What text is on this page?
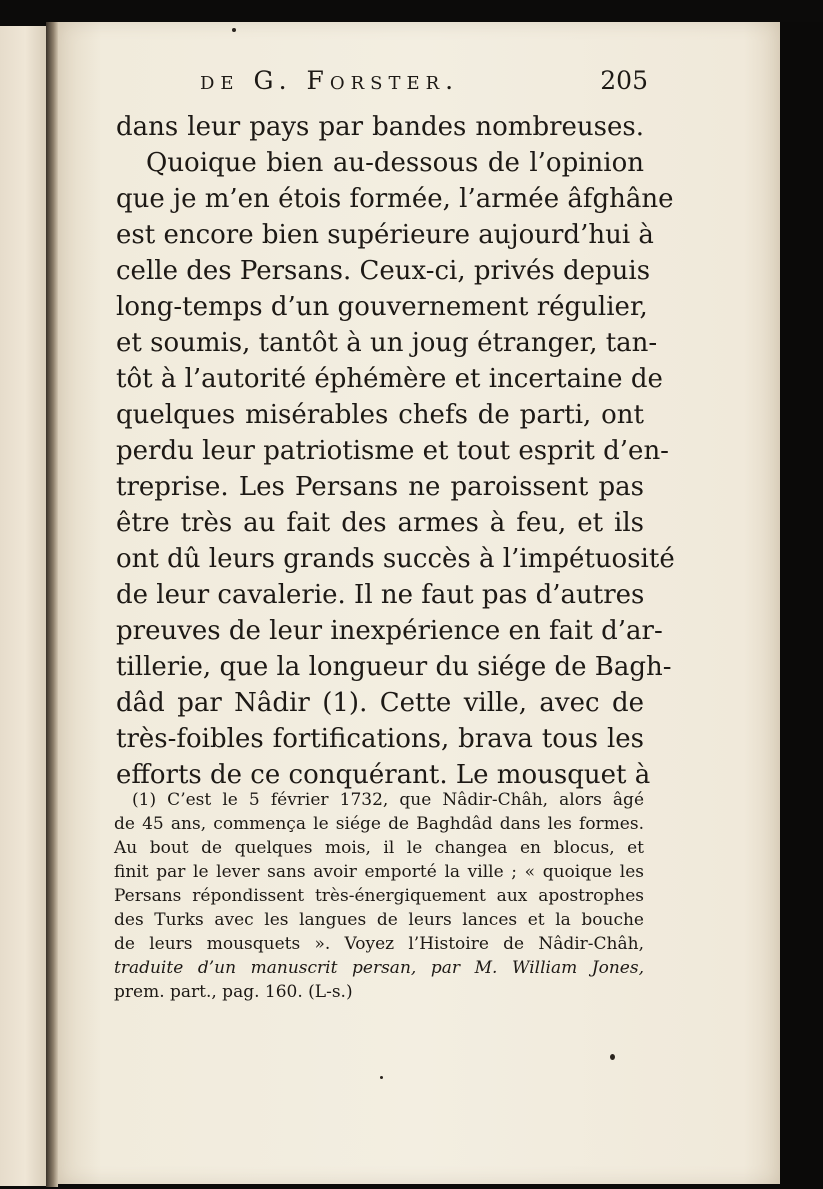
de G. Forster.	205
dans leur pays par bandes nombreuses.
Quoique bien au-dessous de l’opinion
que je m’en étois formée, l’armée âfghâne
est encore bien supérieure aujourd’hui à
celle des Persans. Ceux-ci, privés depuis
long-temps d’un gouvernement régulier,
et soumis, tantôt à un joug étranger, tan-
tôt à l’autorité éphémère et incertaine de
quelques misérables chefs de parti, ont
perdu leur patriotisme et tout esprit d’en-
treprise. Les Persans ne paroissent pas
être très au fait des armes à feu, et ils
ont dû leurs grands succès à l’impétuosité
de leur cavalerie. Il ne faut pas d’autres
preuves de leur inexpérience en fait d’ar-
tillerie, que la longueur du siége de Bagh-
dâd par Nâdir (1). Cette ville, avec de
très-foibles fortifications, brava tous les
efforts de ce conquérant. Le mousquet à
(1) C’est le 5 février 1732, que Nâdir-Châh, alors âgé
de 45 ans, commença le siége de Baghdâd dans les formes.
Au bout de quelques mois, il le changea en blocus, et
finit par le lever sans avoir emporté la ville ; « quoique les
Persans répondissent très-énergiquement aux apostrophes
des Turks avec les langues de leurs lances et la bouche
de leurs mousquets ». Voyez l’Histoire de Nâdir-Châh,
traduite d’un manuscrit persan, par M. William Jones,
prem. part., pag. 160. (L-s.)
